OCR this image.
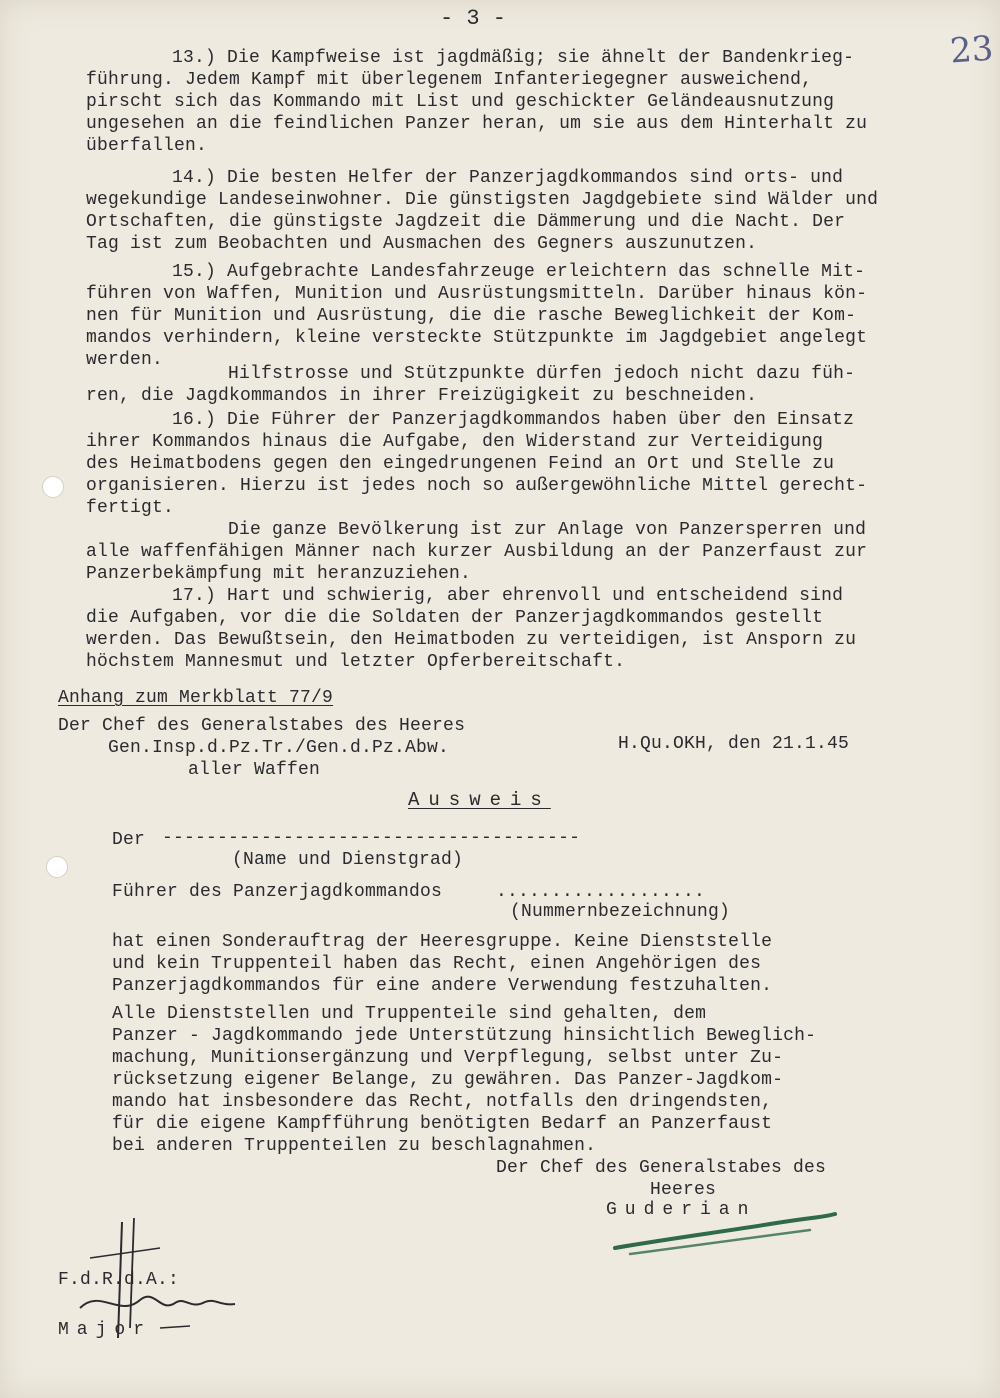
- 3 -
23
13.) Die Kampfweise ist jagdmäßig; sie ähnelt der Bandenkrieg-
führung. Jedem Kampf mit überlegenem Infanteriegegner ausweichend,
pirscht sich das Kommando mit List und geschickter Geländeausnutzung
ungesehen an die feindlichen Panzer heran, um sie aus dem Hinterhalt zu
überfallen.
14.) Die besten Helfer der Panzerjagdkommandos sind orts- und
wegekundige Landeseinwohner. Die günstigsten Jagdgebiete sind Wälder und
Ortschaften, die günstigste Jagdzeit die Dämmerung und die Nacht. Der
Tag ist zum Beobachten und Ausmachen des Gegners auszunutzen.
15.) Aufgebrachte Landesfahrzeuge erleichtern das schnelle Mit-
führen von Waffen, Munition und Ausrüstungsmitteln. Darüber hinaus kön-
nen für Munition und Ausrüstung, die die rasche Beweglichkeit der Kom-
mandos verhindern, kleine versteckte Stützpunkte im Jagdgebiet angelegt
werden.
Hilfstrosse und Stützpunkte dürfen jedoch nicht dazu füh-
ren, die Jagdkommandos in ihrer Freizügigkeit zu beschneiden.
16.) Die Führer der Panzerjagdkommandos haben über den Einsatz
ihrer Kommandos hinaus die Aufgabe, den Widerstand zur Verteidigung
des Heimatbodens gegen den eingedrungenen Feind an Ort und Stelle zu
organisieren. Hierzu ist jedes noch so außergewöhnliche Mittel gerecht-
fertigt.
Die ganze Bevölkerung ist zur Anlage von Panzersperren und
alle waffenfähigen Männer nach kurzer Ausbildung an der Panzerfaust zur
Panzerbekämpfung mit heranzuziehen.
17.) Hart und schwierig, aber ehrenvoll und entscheidend sind
die Aufgaben, vor die die Soldaten der Panzerjagdkommandos gestellt
werden. Das Bewußtsein, den Heimatboden zu verteidigen, ist Ansporn zu
höchstem Mannesmut und letzter Opferbereitschaft.
Anhang zum Merkblatt 77/9
Der Chef des Generalstabes des Heeres
Gen.Insp.d.Pz.Tr./Gen.d.Pz.Abw.
aller Waffen
H.Qu.OKH, den 21.1.45
Ausweis
Der --------------------------------------
(Name und Dienstgrad)
Führer des Panzerjagdkommandos	...................
(Nummernbezeichnung)
hat einen Sonderauftrag der Heeresgruppe. Keine Dienststelle
und kein Truppenteil haben das Recht, einen Angehörigen des
Panzerjagdkommandos für eine andere Verwendung festzuhalten.
Alle Dienststellen und Truppenteile sind gehalten, dem
Panzer - Jagdkommando jede Unterstützung hinsichtlich Beweglich-
machung, Munitionsergänzung und Verpflegung, selbst unter Zu-
rücksetzung eigener Belange, zu gewähren. Das Panzer-Jagdkom-
mando hat insbesondere das Recht, notfalls den dringendsten,
für die eigene Kampfführung benötigten Bedarf an Panzerfaust
bei anderen Truppenteilen zu beschlagnahmen.
Der Chef des Generalstabes des
Heeres
Guderian
F.d.R.d.A.:
Major
